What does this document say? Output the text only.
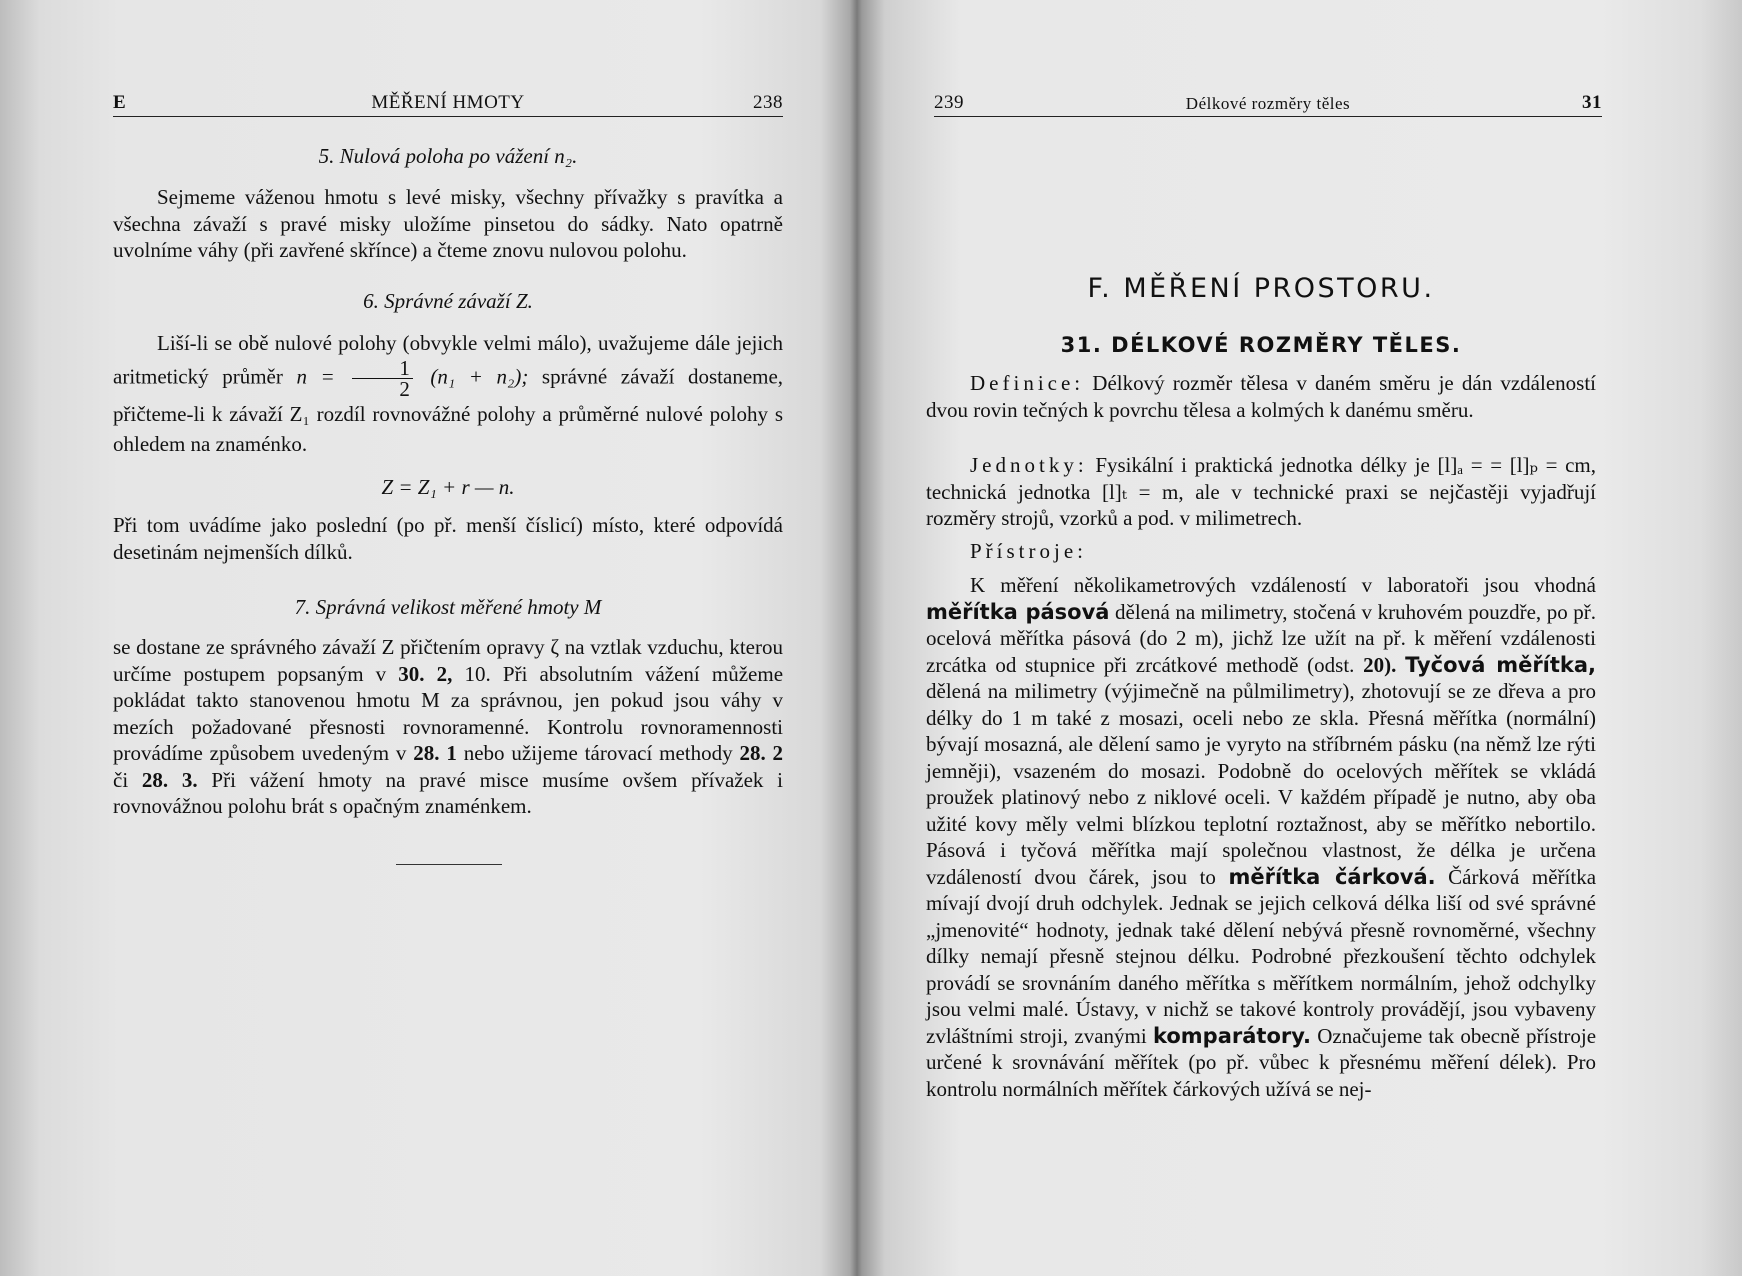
E	MĚŘENÍ HMOTY	238
5. Nulová poloha po vážení n₂.

Sejmeme váženou hmotu s levé misky, všechny přívažky s pravítka a všechna závaží s pravé misky uložíme pinsetou do sádky. Nato opatrně uvolníme váhy (při zavřené skřínce) a čteme znovu nulovou polohu.

6. Správné závaží Z.

Liší-li se obě nulové polohy (obvykle velmi málo), uvažujeme dále jejich aritmetický průměr $n = \frac{1}{2} (n_1 + n_2)$; správné závaží dostaneme, přičteme-li k závaží Z₁ rozdíl rovnovážné polohy a průměrné nulové polohy s ohledem na znaménko.

Z = Z₁ + r — n.

Při tom uvádíme jako poslední (po př. menší číslicí) místo, které odpovídá desetinám nejmenších dílků.

7. Správná velikost měřené hmoty M

se dostane ze správného závaží Z přičtením opravy ζ na vztlak vzduchu, kterou určíme postupem popsaným v 30. 2, 10. Při absolutním vážení můžeme pokládat takto stanovenou hmotu M za správnou, jen pokud jsou váhy v mezích požadované přesnosti rovnoramenné. Kontrolu rovnoramennosti provádíme způsobem uvedeným v 28. 1 nebo užijeme tárovací methody 28. 2 či 28. 3. Při vážení hmoty na pravé misce musíme ovšem přívažek i rovnovážnou polohu brát s opačným znaménkem.

239	Délkové rozměry těles	31
F. MĚŘENÍ PROSTORU.
31. DÉLKOVÉ ROZMĚRY TĚLES.

Definice: Délkový rozměr tělesa v daném směru je dán vzdáleností dvou rovin tečných k povrchu tělesa a kolmých k danému směru.

Jednotky: Fysikální i praktická jednotka délky je [l]ₐ = = [l]ₚ = cm, technická jednotka [l]ₜ = m, ale v technické praxi se nejčastěji vyjadřují rozměry strojů, vzorků a pod. v milimetrech.

Přístroje:

K měření několikametrových vzdáleností v laboratoři jsou vhodná měřítka pásová dělená na milimetry, stočená v kruhovém pouzdře, po př. ocelová měřítka pásová (do 2 m), jichž lze užít na př. k měření vzdálenosti zrcátka od stupnice při zrcátkové methodě (odst. 20). Tyčová měřítka, dělená na milimetry (výjimečně na půlmilimetry), zhotovují se ze dřeva a pro délky do 1 m také z mosazi, oceli nebo ze skla. Přesná měřítka (normální) bývají mosazná, ale dělení samo je vyryto na stříbrném pásku (na němž lze rýti jemněji), vsazeném do mosazi. Podobně do ocelových měřítek se vkládá proužek platinový nebo z niklové oceli. V každém případě je nutno, aby oba užité kovy měly velmi blízkou teplotní roztažnost, aby se měřítko nebortilo. Pásová i tyčová měřítka mají společnou vlastnost, že délka je určena vzdáleností dvou čárek, jsou to měřítka čárková. Čárková měřítka mívají dvojí druh odchylek. Jednak se jejich celková délka liší od své správné „jmenovité“ hodnoty, jednak také dělení nebývá přesně rovnoměrné, všechny dílky nemají přesně stejnou délku. Podrobné přezkoušení těchto odchylek provádí se srovnáním daného měřítka s měřítkem normálním, jehož odchylky jsou velmi malé. Ústavy, v nichž se takové kontroly provádějí, jsou vybaveny zvláštními stroji, zvanými komparátory. Označujeme tak obecně přístroje určené k srovnávání měřítek (po př. vůbec k přesnému měření délek). Pro kontrolu normálních měřítek čárkových užívá se nej-
